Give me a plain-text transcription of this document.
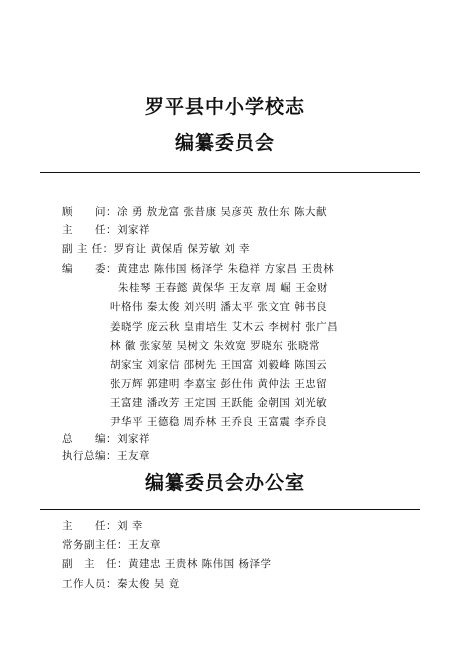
罗平县中小学校志
编纂委员会
顾　　问：凃 勇 敖龙富 张昔康 吴彦英 敖仕东 陈大献
主　　任：刘家祥
副 主 任：罗育让 黄保盾 保芳敏 刘 幸
编　　委：黄建忠 陈伟国 杨泽学 朱稳祥 方家昌 王贵林
朱桂琴 王春懿 黄保华 王友章 周 崛 王金财
叶格伟 秦太俊 刘兴明 潘太平 张文宜 韩书良
姜晓学 庞云秋 皇甫培生 艾木云 李树村 张广昌
林 徽 张家堃 吴树文 朱效宽 罗晓东 张晓常
胡家宝 刘家信 邵树先 王国富 刘毅峰 陈国云
张万辉 郭建明 李嘉宝 彭仕伟 黄仲法 王忠留
王富建 潘改芳 王定国 王跃能 金朝国 刘光敏
尹华平 王德稳 周乔林 王乔良 王富震 李乔良
总　　编：刘家祥
执行总编：王友章
编纂委员会办公室
主　　任：刘 幸
常务副主任：王友章
副　主　任：黄建忠 王贵林 陈伟国 杨泽学
工作人员：秦太俊 吴 竟
